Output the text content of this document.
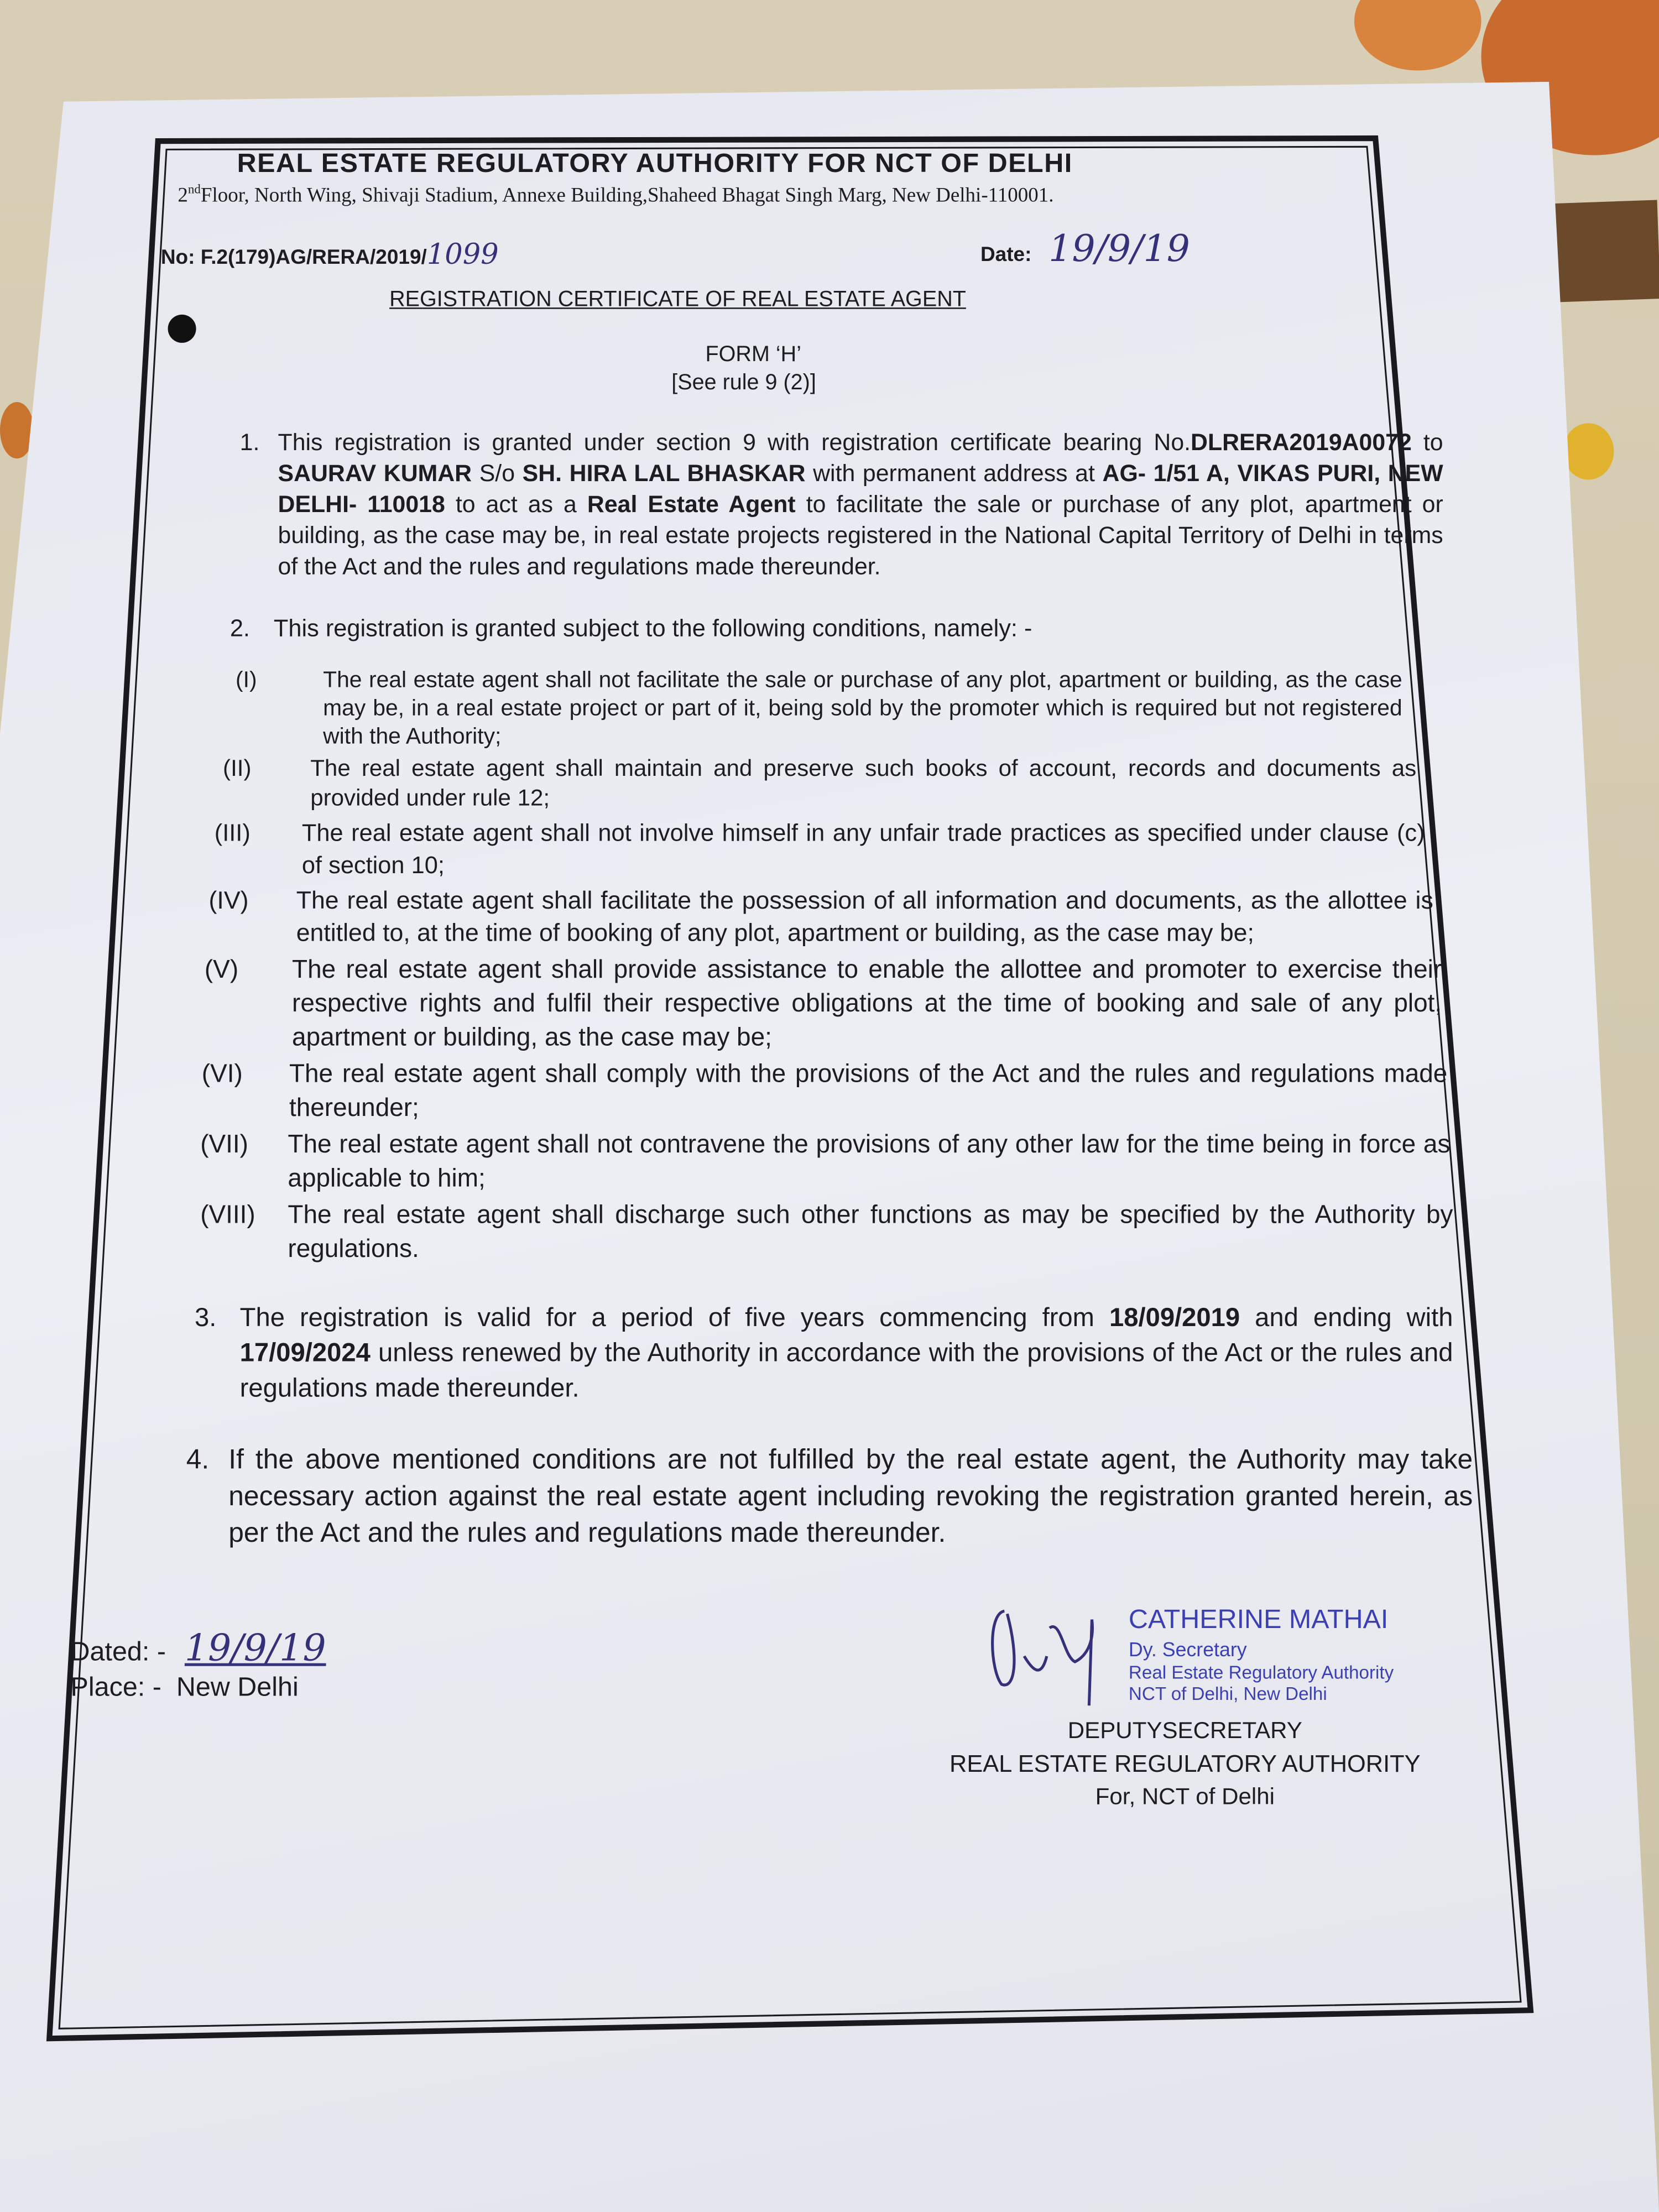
REAL ESTATE REGULATORY AUTHORITY FOR NCT OF DELHI
2ndFloor, North Wing, Shivaji Stadium, Annexe Building,Shaheed Bhagat Singh Marg, New Delhi-110001.
No: F.2(179)AG/RERA/2019/1099	Date: 19/9/19
REGISTRATION CERTIFICATE OF REAL ESTATE AGENT
FORM ‘H’
[See rule 9 (2)]
1.	This registration is granted under section 9 with registration certificate bearing No.DLRERA2019A0072 to SAURAV KUMAR S/o SH. HIRA LAL BHASKAR with permanent address at AG- 1/51 A, VIKAS PURI, NEW DELHI- 110018 to act as a Real Estate Agent to facilitate the sale or purchase of any plot, apartment or building, as the case may be, in real estate projects registered in the National Capital Territory of Delhi in terms of the Act and the rules and regulations made thereunder.
2.	This registration is granted subject to the following conditions, namely: -
(I)	The real estate agent shall not facilitate the sale or purchase of any plot, apartment or building, as the case may be, in a real estate project or part of it, being sold by the promoter which is required but not registered with the Authority;
(II)	The real estate agent shall maintain and preserve such books of account, records and documents as provided under rule 12;
(III)	The real estate agent shall not involve himself in any unfair trade practices as specified under clause (c) of section 10;
(IV)	The real estate agent shall facilitate the possession of all information and documents, as the allottee is entitled to, at the time of booking of any plot, apartment or building, as the case may be;
(V)	The real estate agent shall provide assistance to enable the allottee and promoter to exercise their respective rights and fulfil their respective obligations at the time of booking and sale of any plot, apartment or building, as the case may be;
(VI)	The real estate agent shall comply with the provisions of the Act and the rules and regulations made thereunder;
(VII)	The real estate agent shall not contravene the provisions of any other law for the time being in force as applicable to him;
(VIII)	The real estate agent shall discharge such other functions as may be specified by the Authority by regulations.
3.	The registration is valid for a period of five years commencing from 18/09/2019 and ending with 17/09/2024 unless renewed by the Authority in accordance with the provisions of the Act or the rules and regulations made thereunder.
4.	If the above mentioned conditions are not fulfilled by the real estate agent, the Authority may take necessary action against the real estate agent including revoking the registration granted herein, as per the Act and the rules and regulations made thereunder.
Dated: - 19/9/19
Place: - New Delhi
CATHERINE MATHAI
Dy. Secretary
Real Estate Regulatory Authority
NCT of Delhi, New Delhi
DEPUTYSECRETARY
REAL ESTATE REGULATORY AUTHORITY
For, NCT of Delhi
